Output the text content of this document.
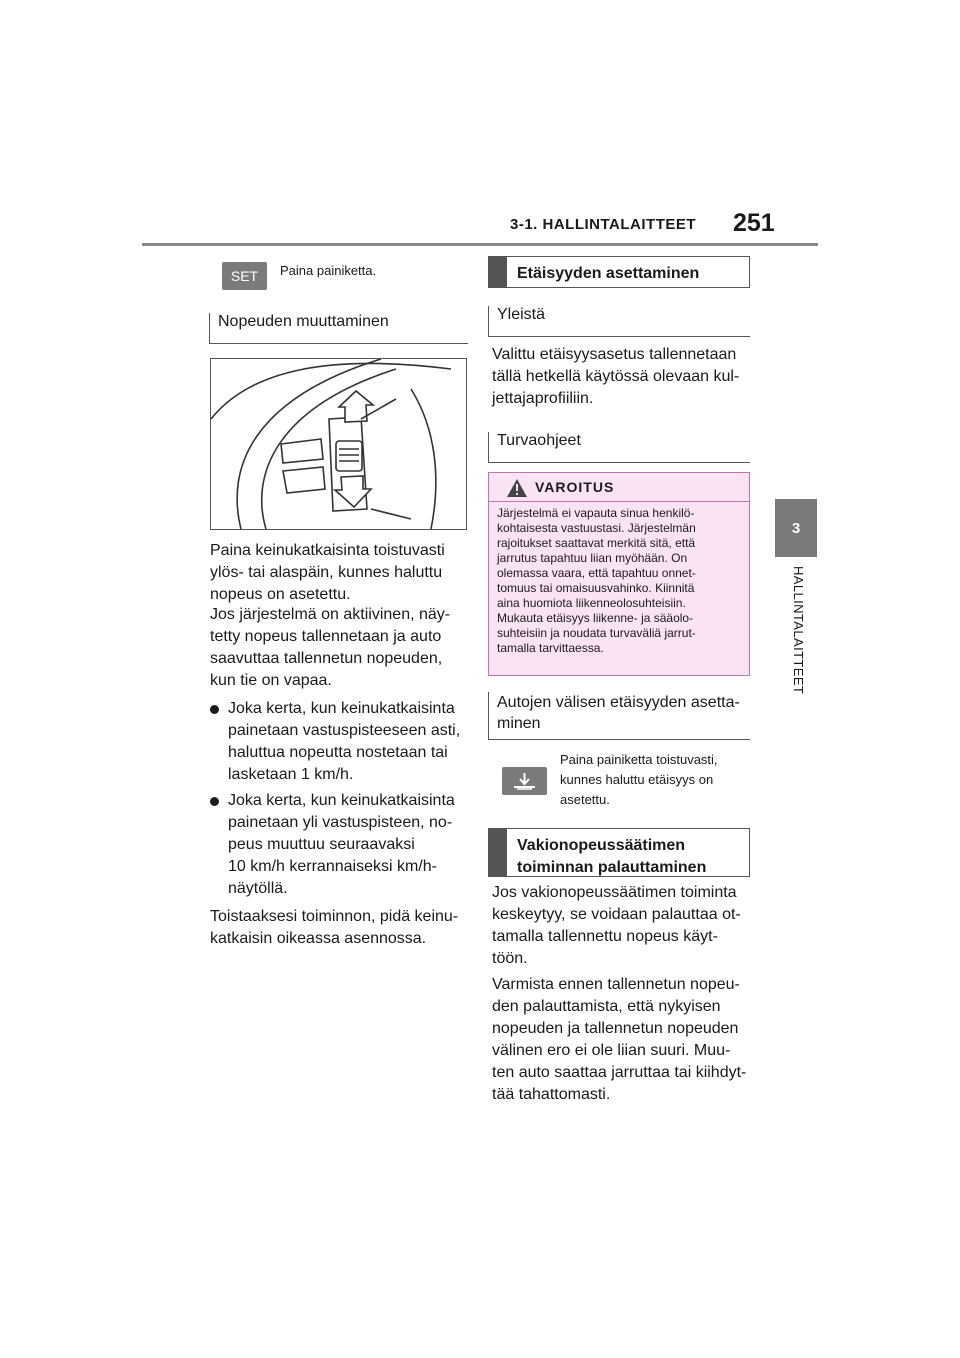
3-1. HALLINTALAITTEET 251
3
HALLINTALAITTEET
SET	Paina painiketta.
Nopeuden muuttaminen
Paina keinukatkaisinta toistuvasti
ylös- tai alaspäin, kunnes haluttu
nopeus on asetettu.
Jos järjestelmä on aktiivinen, näy-
tetty nopeus tallennetaan ja auto
saavuttaa tallennetun nopeuden,
kun tie on vapaa.
Joka kerta, kun keinukatkaisinta
painetaan vastuspisteeseen asti,
haluttua nopeutta nostetaan tai
lasketaan 1 km/h.
Joka kerta, kun keinukatkaisinta
painetaan yli vastuspisteen, no-
peus muuttuu seuraavaksi
10 km/h kerrannaiseksi km/h-
näytöllä.
Toistaaksesi toiminnon, pidä keinu-
katkaisin oikeassa asennossa.
Etäisyyden asettaminen
Yleistä
Valittu etäisyysasetus tallennetaan
tällä hetkellä käytössä olevaan kul-
jettajaprofiiliin.
Turvaohjeet
VAROITUS
Järjestelmä ei vapauta sinua henkilö-
kohtaisesta vastuustasi. Järjestelmän
rajoitukset saattavat merkitä sitä, että
jarrutus tapahtuu liian myöhään. On
olemassa vaara, että tapahtuu onnet-
tomuus tai omaisuusvahinko. Kiinnitä
aina huomiota liikenneolosuhteisiin.
Mukauta etäisyys liikenne- ja sääolo-
suhteisiin ja noudata turvaväliä jarrut-
tamalla tarvittaessa.
Autojen välisen etäisyyden asetta-
minen
Paina painiketta toistuvasti,
kunnes haluttu etäisyys on
asetettu.
Vakionopeussäätimen
toiminnan palauttaminen
Jos vakionopeussäätimen toiminta
keskeytyy, se voidaan palauttaa ot-
tamalla tallennettu nopeus käyt-
töön.
Varmista ennen tallennetun nopeu-
den palauttamista, että nykyisen
nopeuden ja tallennetun nopeuden
välinen ero ei ole liian suuri. Muu-
ten auto saattaa jarruttaa tai kiihdyt-
tää tahattomasti.
